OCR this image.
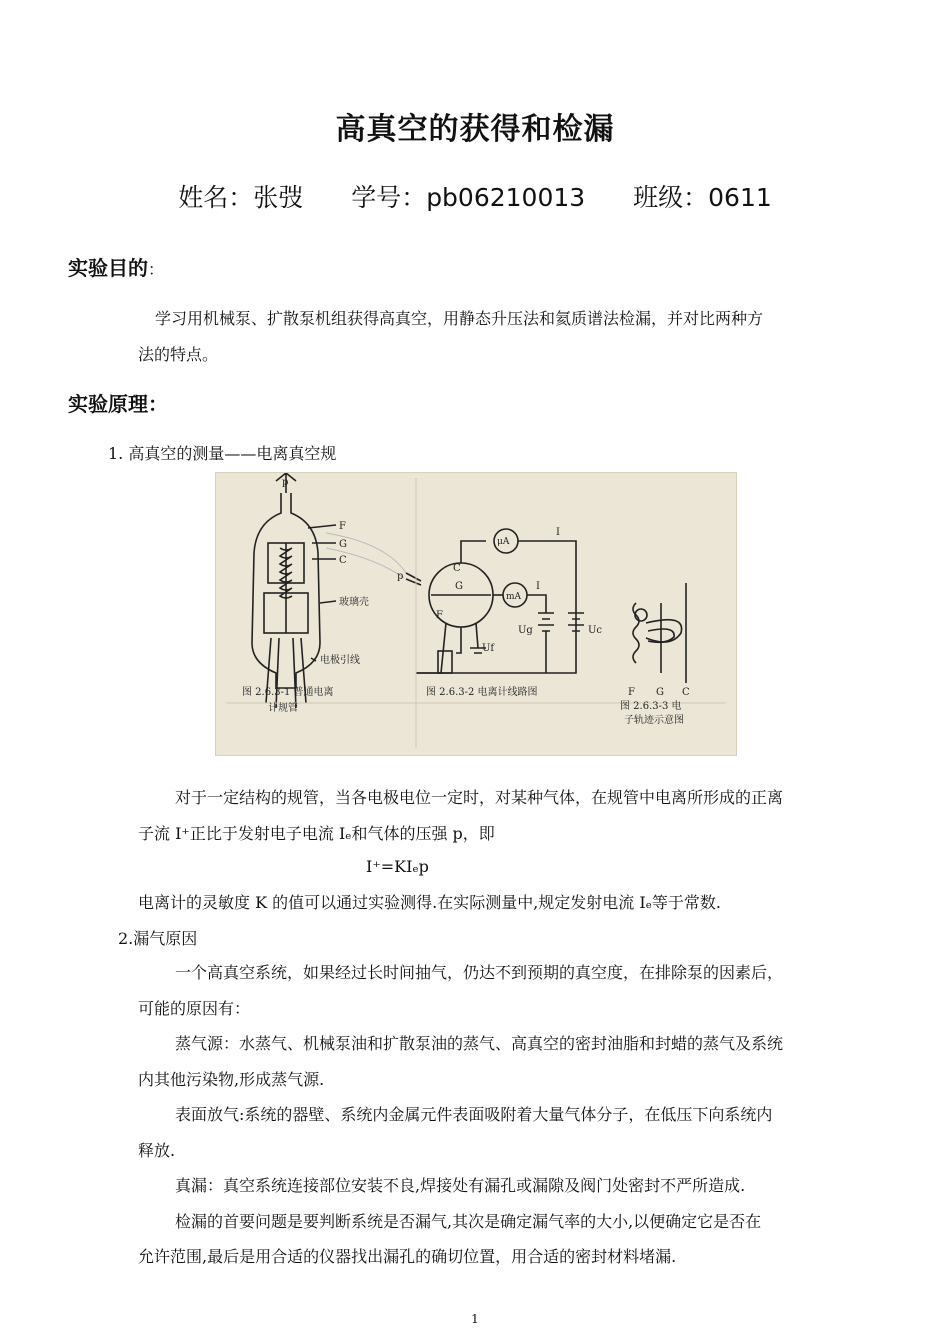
高真空的获得和检漏
姓名：张弢 学号：pb06210013 班级：0611
实验目的：
学习用机械泵、扩散泵机组获得高真空，用静态升压法和氦质谱法检漏，并对比两种方
法的特点。
实验原理：
1. 高真空的测量——电离真空规
p
F
G
C
玻璃壳
电极引线
图 2.6.3-1 普通电离
计规管
p
C
G
F
μA
mA
I
I
Ug	Uc
Uf
图 2.6.3-2 电离计线路图	F G C
图 2.6.3-3 电
子轨迹示意图
对于一定结构的规管，当各电极电位一定时，对某种气体，在规管中电离所形成的正离
子流 I⁺正比于发射电子电流 Iₑ和气体的压强 p，即
I⁺=KIₑp
电离计的灵敏度 K 的值可以通过实验测得.在实际测量中,规定发射电流 Iₑ等于常数.
2.漏气原因
一个高真空系统，如果经过长时间抽气，仍达不到预期的真空度，在排除泵的因素后，
可能的原因有：
蒸气源：水蒸气、机械泵油和扩散泵油的蒸气、高真空的密封油脂和封蜡的蒸气及系统
内其他污染物,形成蒸气源.
表面放气:系统的器壁、系统内金属元件表面吸附着大量气体分子，在低压下向系统内
释放.
真漏：真空系统连接部位安装不良,焊接处有漏孔或漏隙及阀门处密封不严所造成.
检漏的首要问题是要判断系统是否漏气,其次是确定漏气率的大小,以便确定它是否在
允许范围,最后是用合适的仪器找出漏孔的确切位置，用合适的密封材料堵漏.
1
